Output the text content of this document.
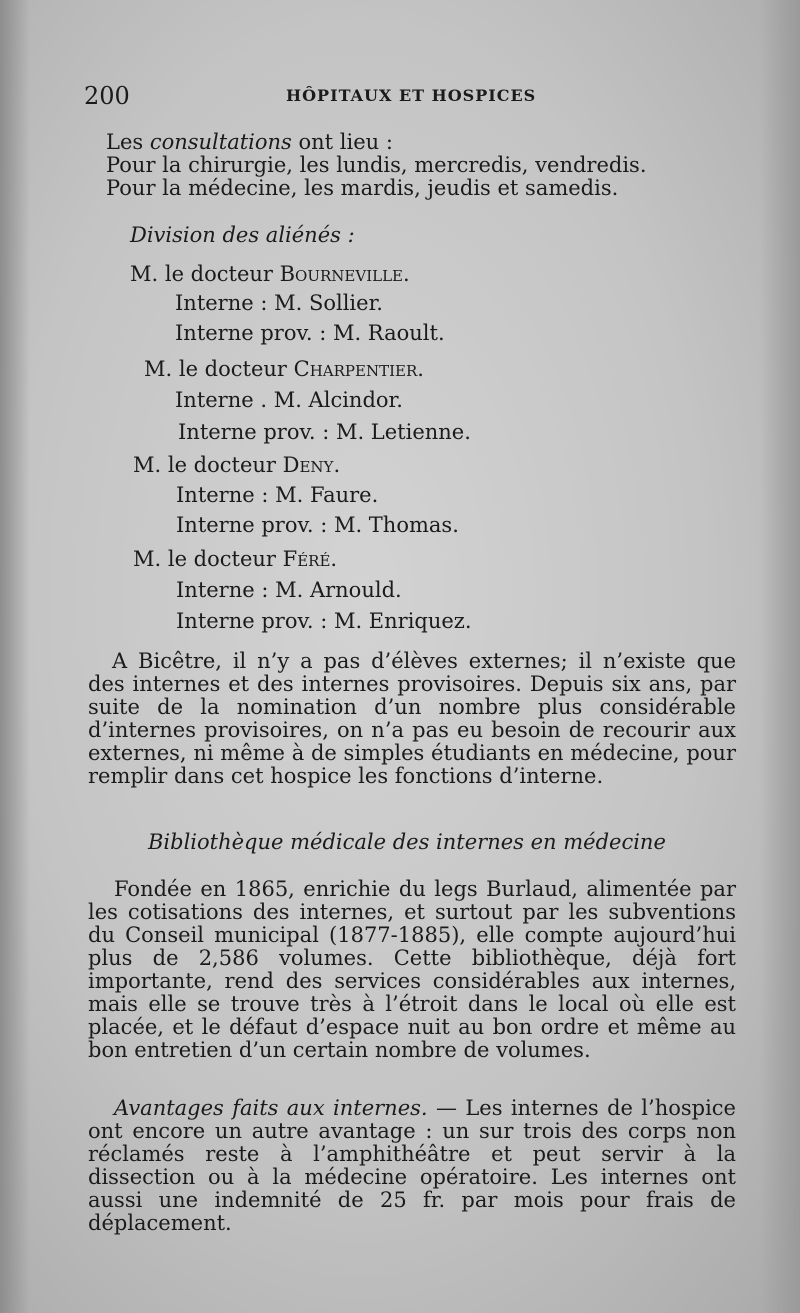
200	HÔPITAUX ET HOSPICES
Les consultations ont lieu :
Pour la chirurgie, les lundis, mercredis, vendredis.
Pour la médecine, les mardis, jeudis et samedis.
Division des aliénés :
M. le docteur Bourneville.
Interne : M. Sollier.
Interne prov. : M. Raoult.
M. le docteur Charpentier.
Interne . M. Alcindor.
Interne prov. : M. Letienne.
M. le docteur Deny.
Interne : M. Faure.
Interne prov. : M. Thomas.
M. le docteur Féré.
Interne : M. Arnould.
Interne prov. : M. Enriquez.
A Bicêtre, il n’y a pas d’élèves externes; il n’existe que des internes et des internes provisoires. Depuis six ans, par suite de la nomination d’un nombre plus considérable d’internes provisoires, on n’a pas eu besoin de recourir aux externes, ni même à de simples étudiants en médecine, pour remplir dans cet hospice les fonctions d’interne.
Bibliothèque médicale des internes en médecine
Fondée en 1865, enrichie du legs Burlaud, alimentée par les cotisations des internes, et surtout par les subventions du Conseil municipal (1877-1885), elle compte aujourd’hui plus de 2,586 volumes. Cette bibliothèque, déjà fort importante, rend des services considérables aux internes, mais elle se trouve très à l’étroit dans le local où elle est placée, et le défaut d’espace nuit au bon ordre et même au bon entretien d’un certain nombre de volumes.
Avantages faits aux internes. — Les internes de l’hospice ont encore un autre avantage : un sur trois des corps non réclamés reste à l’amphithéâtre et peut servir à la dissection ou à la médecine opératoire. Les internes ont aussi une indemnité de 25 fr. par mois pour frais de déplacement.
